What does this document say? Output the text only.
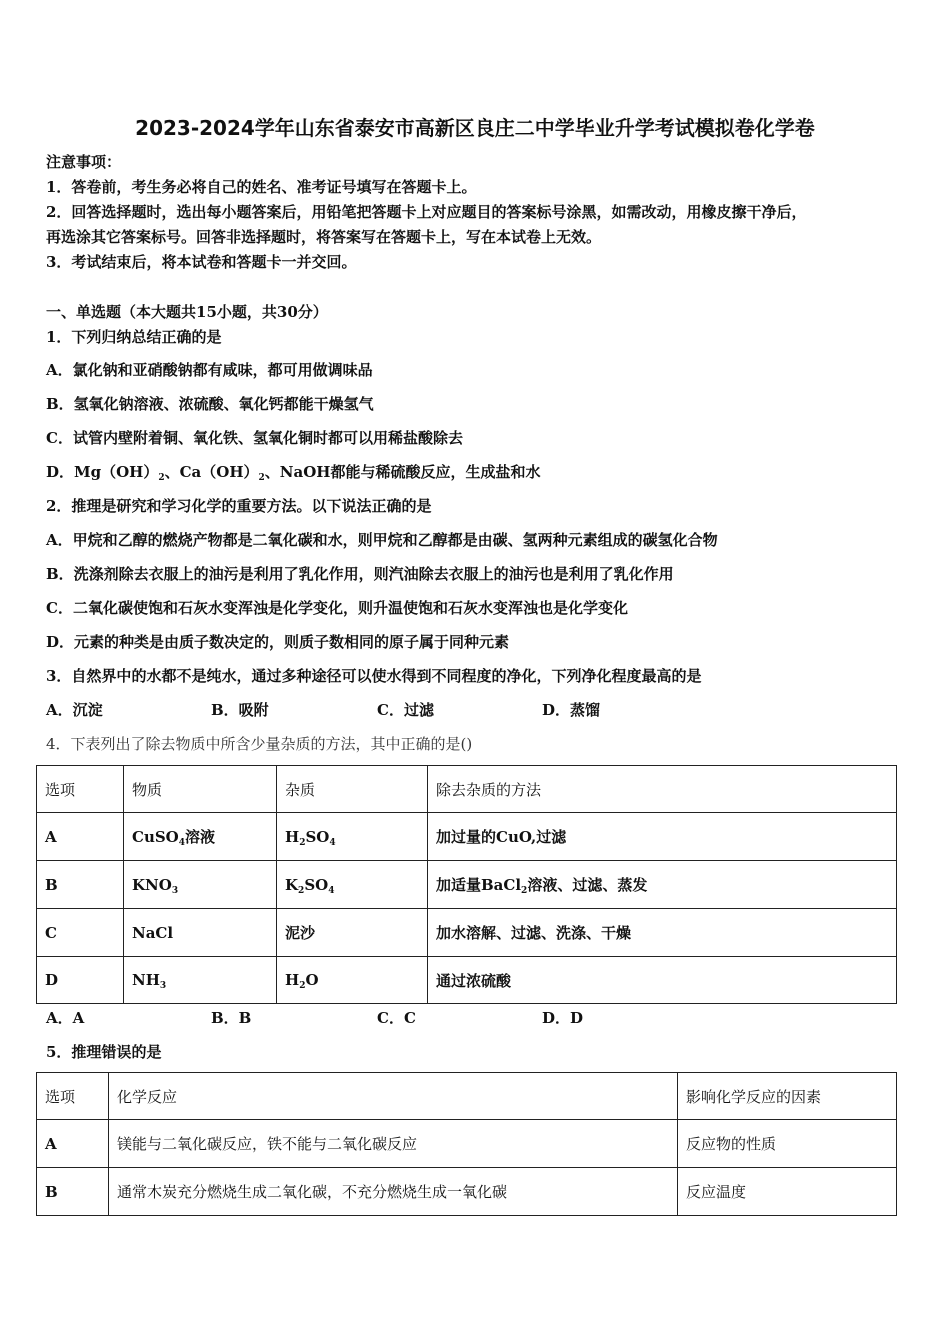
2023-2024学年山东省泰安市高新区良庄二中学毕业升学考试模拟卷化学卷
注意事项：
1．答卷前，考生务必将自己的姓名、准考证号填写在答题卡上。
2．回答选择题时，选出每小题答案后，用铅笔把答题卡上对应题目的答案标号涂黑，如需改动，用橡皮擦干净后，
再选涂其它答案标号。回答非选择题时，将答案写在答题卡上，写在本试卷上无效。
3．考试结束后，将本试卷和答题卡一并交回。
一、单选题（本大题共15小题，共30分）
1．下列归纳总结正确的是
A．氯化钠和亚硝酸钠都有咸味，都可用做调味品
B．氢氧化钠溶液、浓硫酸、氧化钙都能干燥氢气
C．试管内壁附着铜、氧化铁、氢氧化铜时都可以用稀盐酸除去
D．$Mg(OH)_2$、$Ca(OH)_2$、NaOH都能与稀硫酸反应，生成盐和水
2．推理是研究和学习化学的重要方法。以下说法正确的是
A．甲烷和乙醇的燃烧产物都是二氧化碳和水，则甲烷和乙醇都是由碳、氢两种元素组成的碳氢化合物
B．洗涤剂除去衣服上的油污是利用了乳化作用，则汽油除去衣服上的油污也是利用了乳化作用
C．二氧化碳使饱和石灰水变浑浊是化学变化，则升温使饱和石灰水变浑浊也是化学变化
D．元素的种类是由质子数决定的，则质子数相同的原子属于同种元素
3．自然界中的水都不是纯水，通过多种途径可以使水得到不同程度的净化，下列净化程度最高的是
A．沉淀	B．吸附	C．过滤	D．蒸馏
4．下表列出了除去物质中所含少量杂质的方法，其中正确的是()
选项	物质	杂质	除去杂质的方法
A	CuSO$_4$溶液	$H_2SO_4$	加过量的CuO,过滤
B	$KNO_3$	$K_2SO_4$	加适量BaCl$_2$溶液、过滤、蒸发
C	NaCl	泥沙	加水溶解、过滤、洗涤、干燥
D	$NH_3$	$H_2O$	通过浓硫酸
A．A	B．B	C．C	D．D
5．推理错误的是
选项	化学反应	影响化学反应的因素
A	镁能与二氧化碳反应，铁不能与二氧化碳反应	反应物的性质
B	通常木炭充分燃烧生成二氧化碳，不充分燃烧生成一氧化碳	反应温度
